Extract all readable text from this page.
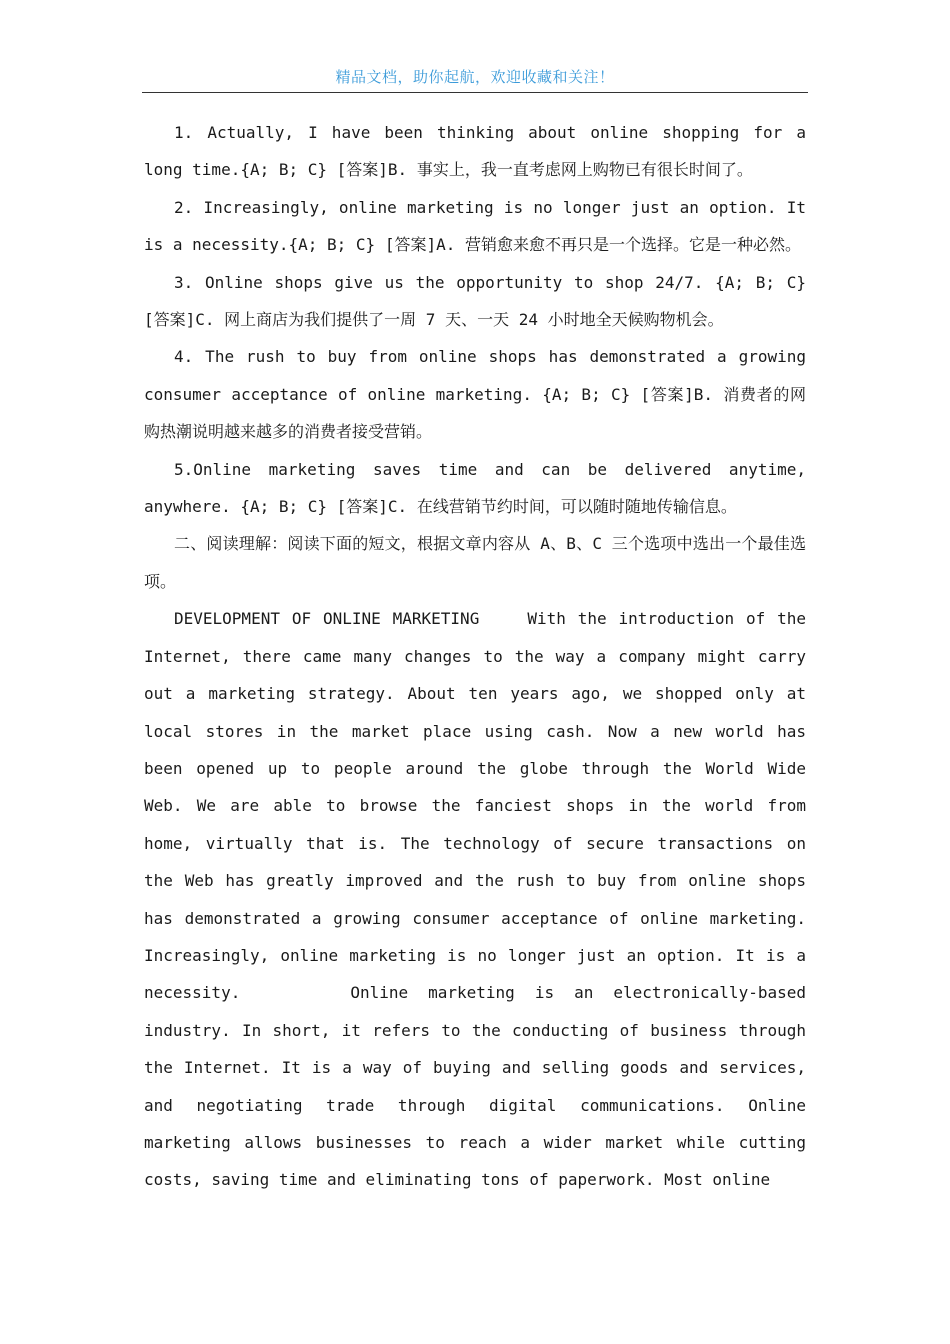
精品文档，助你起航，欢迎收藏和关注！

1. Actually, I have been thinking about online shopping for a long time.{A; B; C} [答案]B. 事实上，我一直考虑网上购物已有很长时间了。

2. Increasingly, online marketing is no longer just an option. It is a necessity.{A; B; C} [答案]A. 营销愈来愈不再只是一个选择。它是一种必然。

3. Online shops give us the opportunity to shop 24/7. {A; B; C} [答案]C. 网上商店为我们提供了一周 7 天、一天 24 小时地全天候购物机会。

4. The rush to buy from online shops has demonstrated a growing consumer acceptance of online marketing. {A; B; C} [答案]B. 消费者的网购热潮说明越来越多的消费者接受营销。

5.Online marketing saves time and can be delivered anytime, anywhere. {A; B; C} [答案]C. 在线营销节约时间，可以随时随地传输信息。

二、阅读理解：阅读下面的短文，根据文章内容从 A、B、C 三个选项中选出一个最佳选项。

DEVELOPMENT OF ONLINE MARKETING	With the introduction of the Internet, there came many changes to the way a company might carry out a marketing strategy. About ten years ago, we shopped only at local stores in the market place using cash. Now a new world has been opened up to people around the globe through the World Wide Web. We are able to browse the fanciest shops in the world from home, virtually that is. The technology of secure transactions on the Web has greatly improved and the rush to buy from online shops has demonstrated a growing consumer acceptance of online marketing. Increasingly, online marketing is no longer just an option. It is a necessity.	Online marketing is an electronically-based industry. In short, it refers to the conducting of business through the Internet. It is a way of buying and selling goods and services, and negotiating trade through digital communications. Online marketing allows businesses to reach a wider market while cutting costs, saving time and eliminating tons of paperwork. Most online
